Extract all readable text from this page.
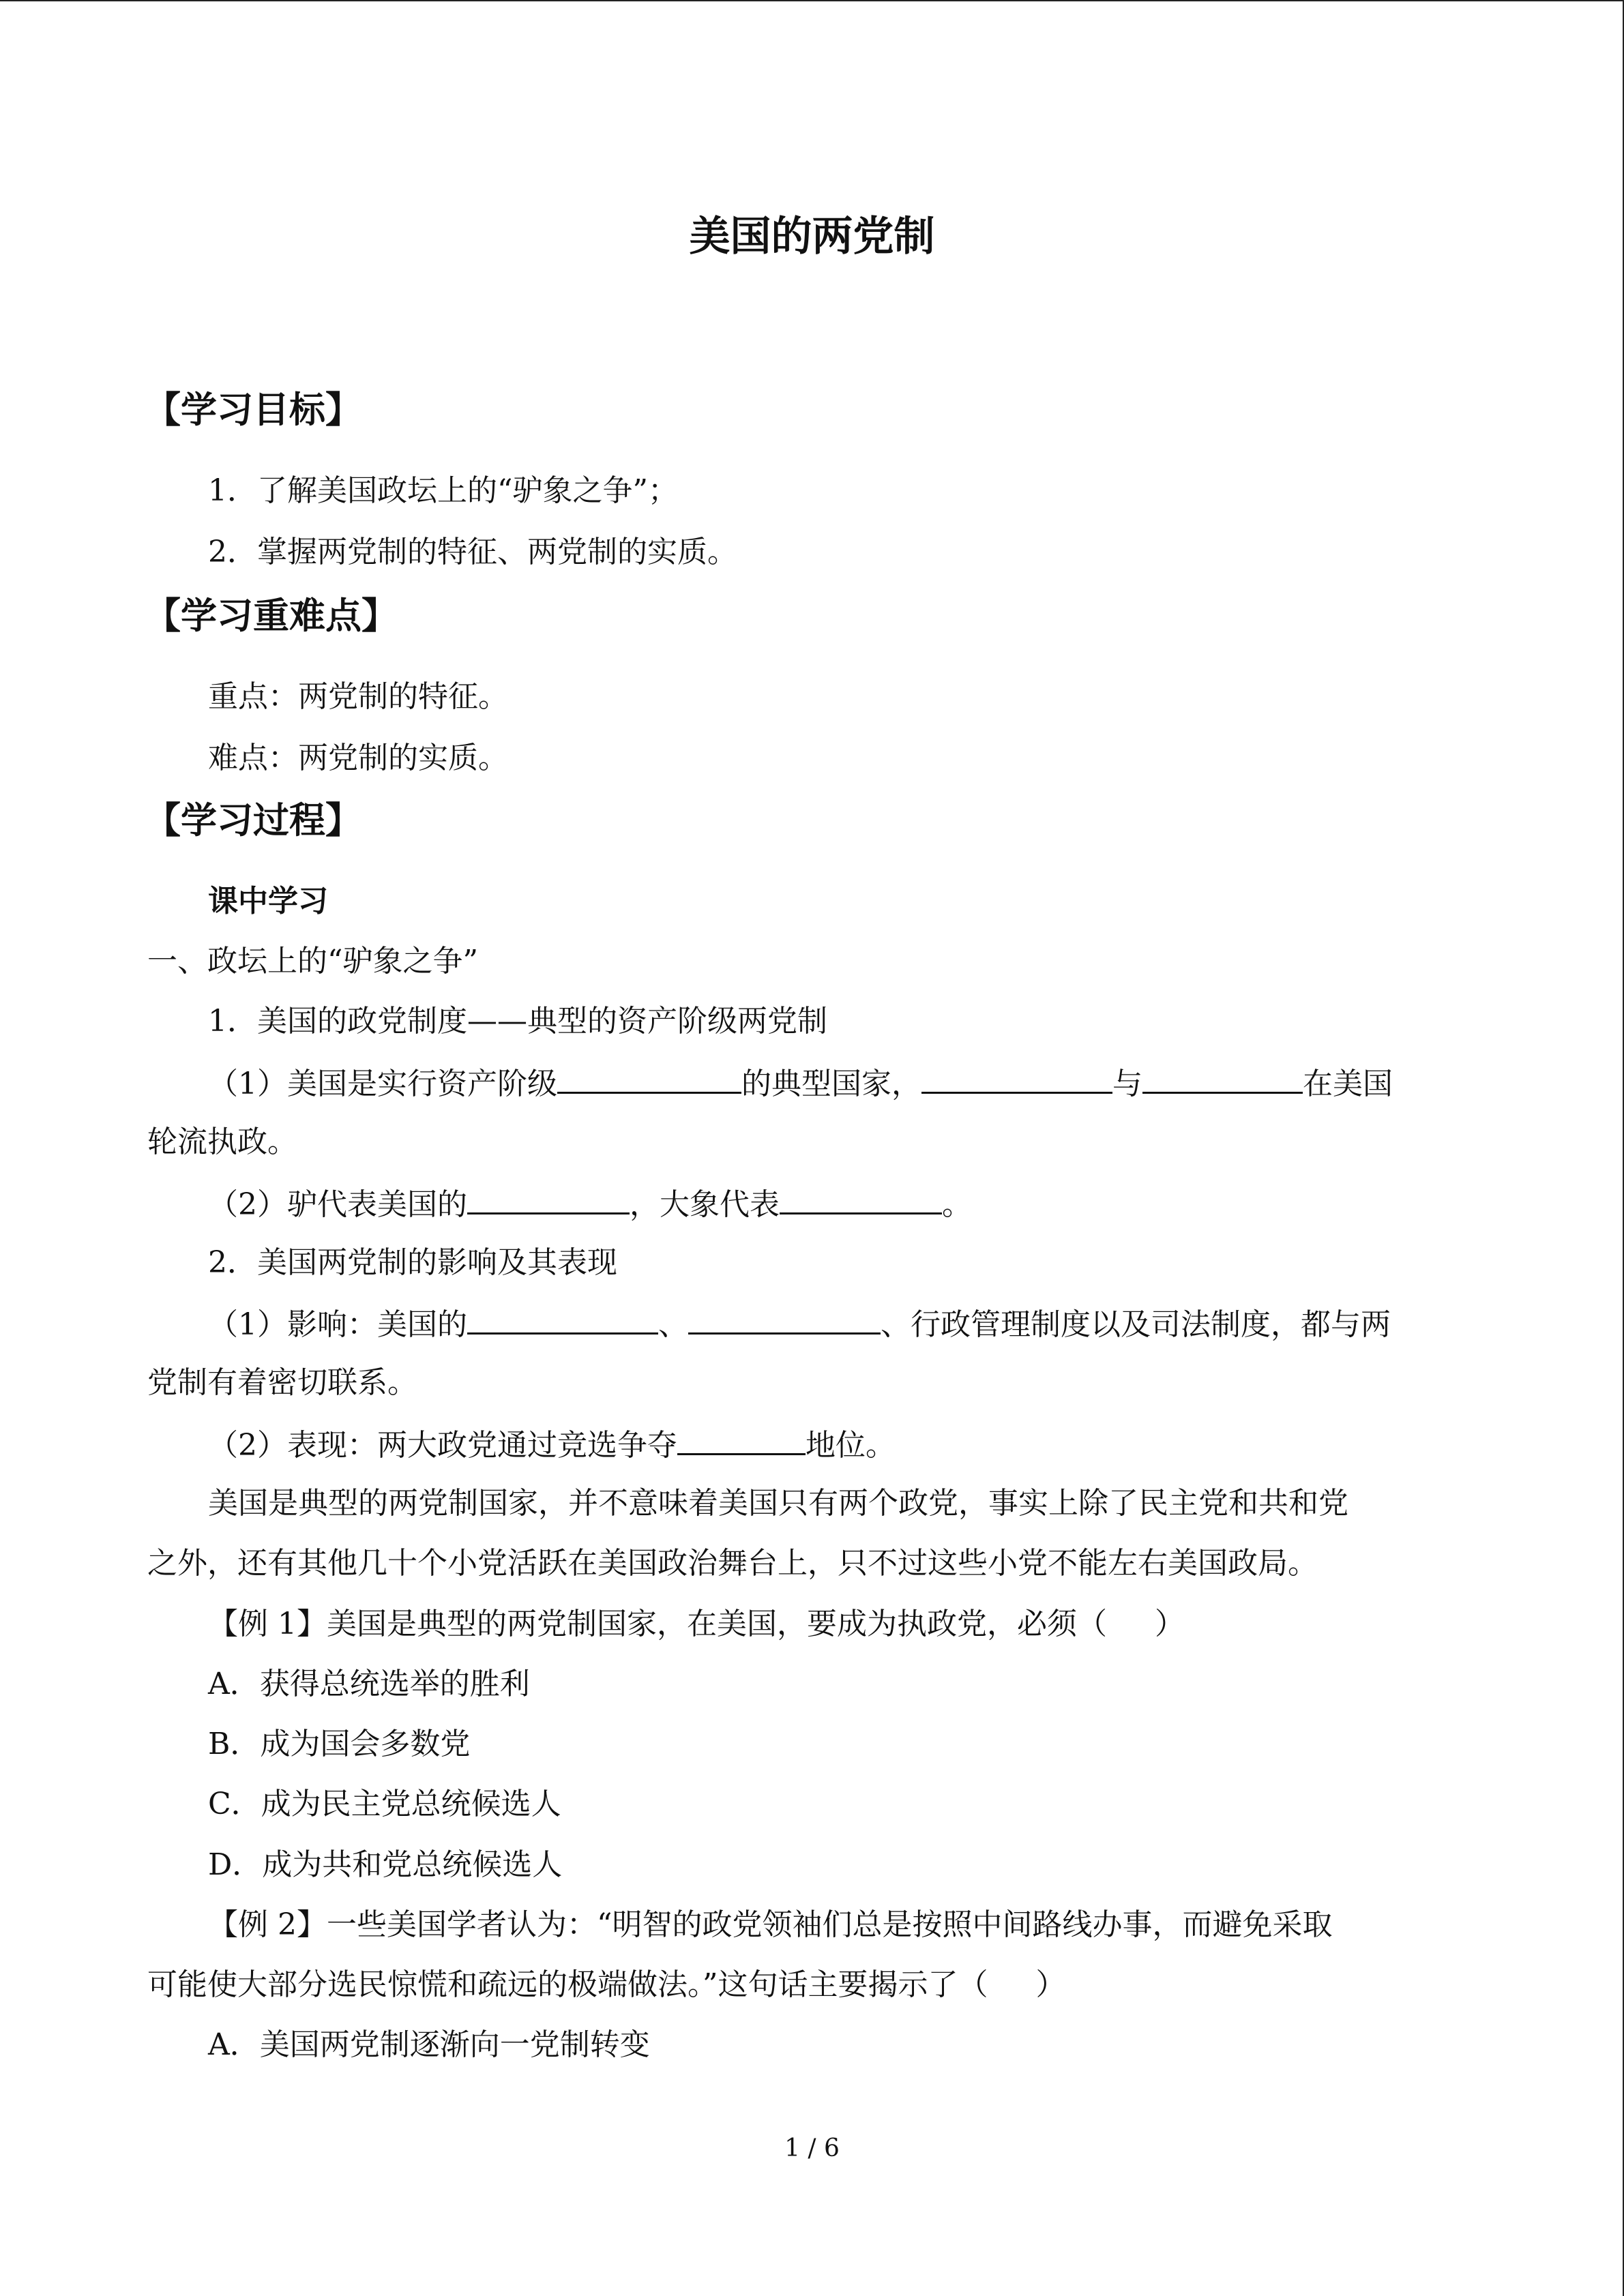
美国的两党制
【学习目标】
1．了解美国政坛上的“驴象之争”；
2．掌握两党制的特征、两党制的实质。
【学习重难点】
重点：两党制的特征。
难点：两党制的实质。
【学习过程】
课中学习
一、政坛上的“驴象之争”
1．美国的政党制度——典型的资产阶级两党制
（1）美国是实行资产阶级	的典型国家，	与	在美国
轮流执政。
（2）驴代表美国的	，大象代表	。
2．美国两党制的影响及其表现
（1）影响：美国的	、	、行政管理制度以及司法制度，都与两
党制有着密切联系。
（2）表现：两大政党通过竞选争夺	地位。
美国是典型的两党制国家，并不意味着美国只有两个政党，事实上除了民主党和共和党
之外，还有其他几十个小党活跃在美国政治舞台上，只不过这些小党不能左右美国政局。
【例 1】美国是典型的两党制国家，在美国，要成为执政党，必须（ ）
A．获得总统选举的胜利
B．成为国会多数党
C．成为民主党总统候选人
D．成为共和党总统候选人
【例 2】一些美国学者认为：“明智的政党领袖们总是按照中间路线办事，而避免采取
可能使大部分选民惊慌和疏远的极端做法。”这句话主要揭示了（ ）
A．美国两党制逐渐向一党制转变
1 / 6
